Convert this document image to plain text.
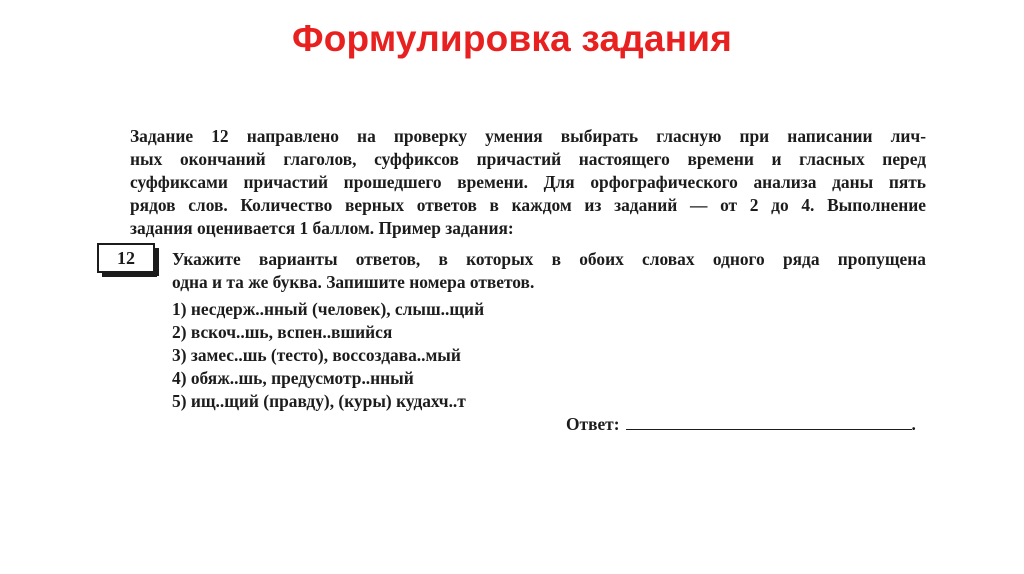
Формулировка задания
Задание 12 направлено на проверку умения выбирать гласную при написании лич-
ных окончаний глаголов, суффиксов причастий настоящего времени и гласных перед
суффиксами причастий прошедшего времени. Для орфографического анализа даны пять
рядов слов. Количество верных ответов в каждом из заданий — от 2 до 4. Выполнение
задания оценивается 1 баллом. Пример задания:
12 Укажите варианты ответов, в которых в обоих словах одного ряда пропущена
одна и та же буква. Запишите номера ответов.
1) несдерж..нный (человек), слыш..щий
2) вскоч..шь, вспен..вшийся
3) замес..шь (тесто), воссоздава..мый
4) обяж..шь, предусмотр..нный
5) ищ..щий (правду), (куры) кудахч..т
Ответ:	.
